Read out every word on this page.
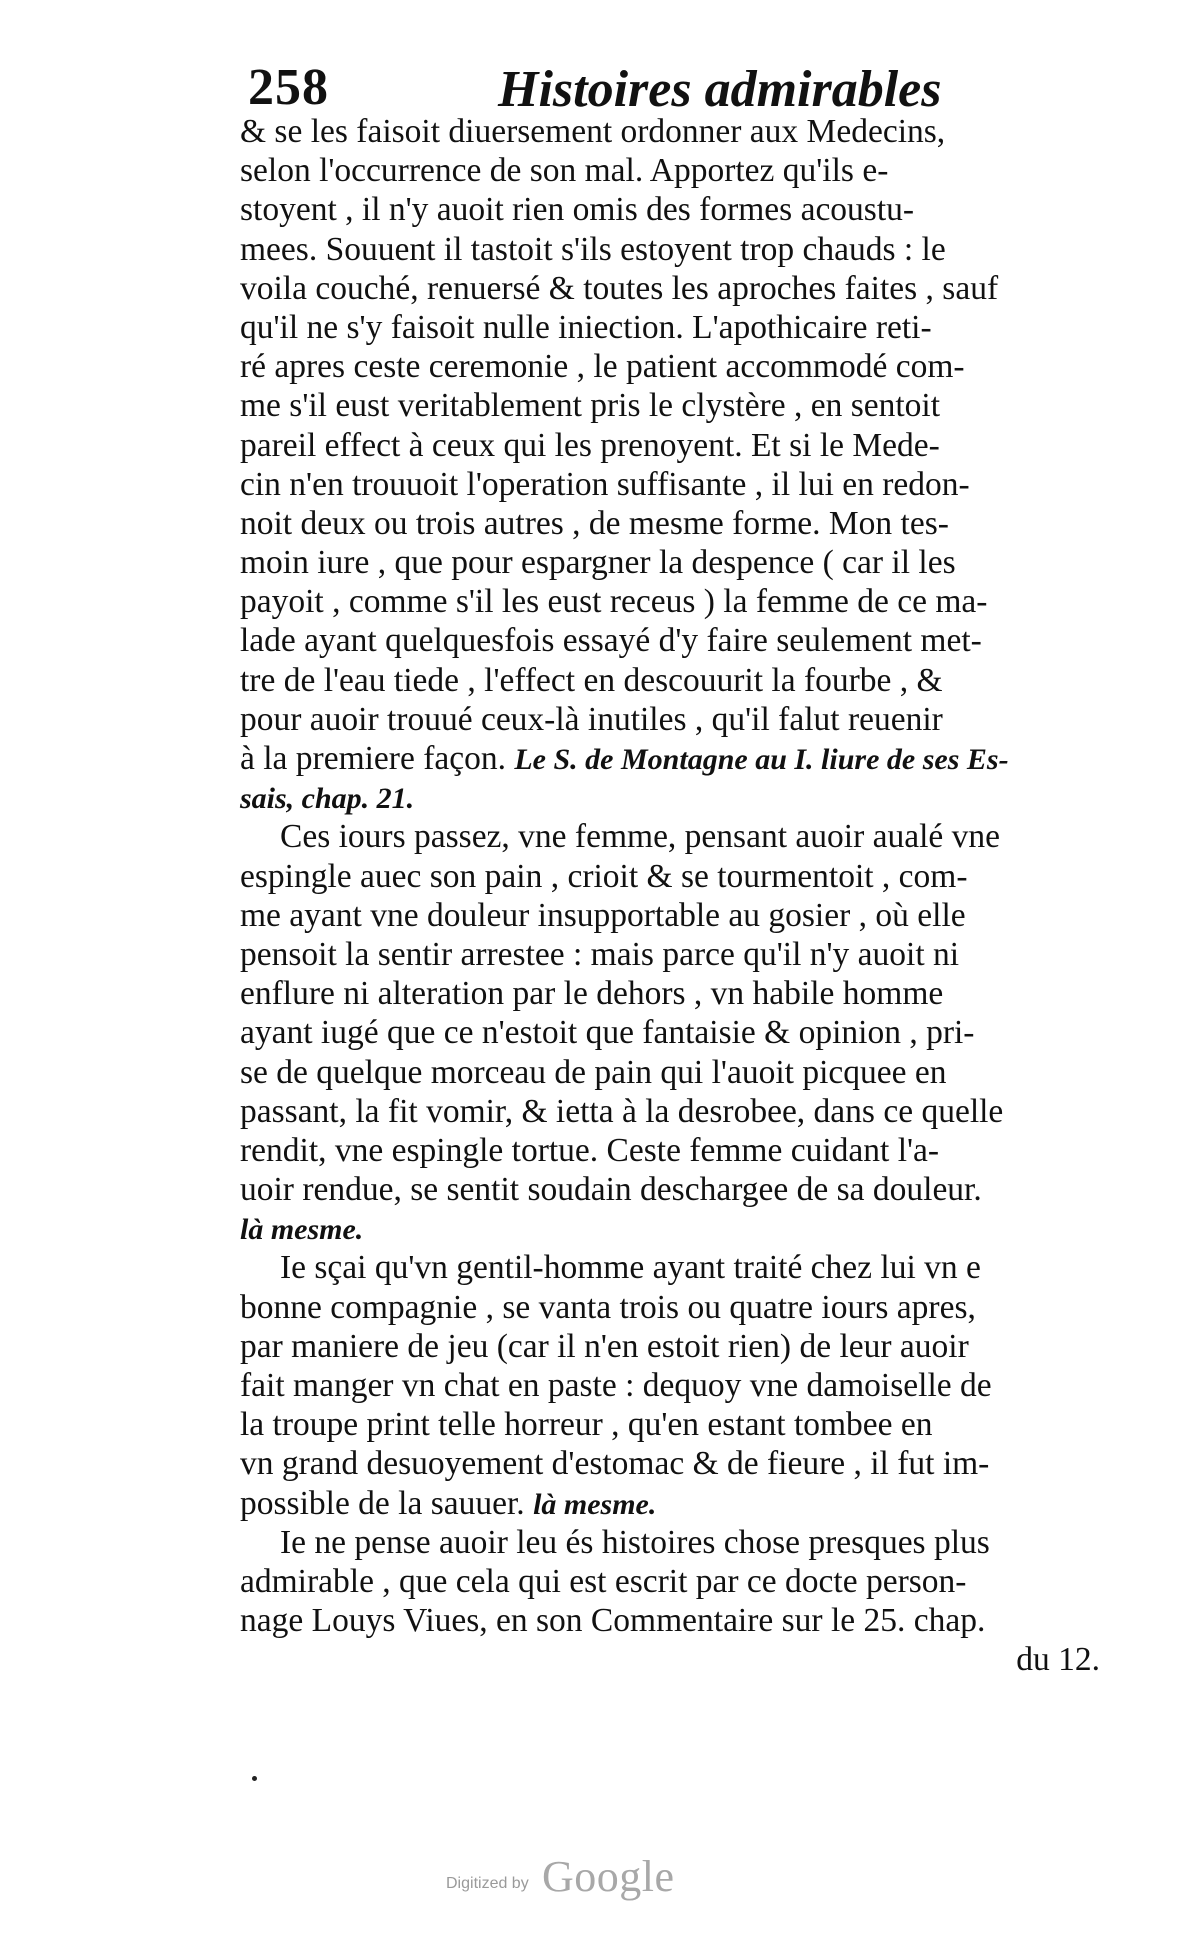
258	Histoires admirables
& se les faisoit diuersement ordonner aux Medecins,
selon l'occurrence de son mal. Apportez qu'ils e-
stoyent , il n'y auoit rien omis des formes acoustu-
mees. Souuent il tastoit s'ils estoyent trop chauds : le
voila couché, renuersé & toutes les aproches faites , sauf
qu'il ne s'y faisoit nulle iniection. L'apothicaire reti-
ré apres ceste ceremonie , le patient accommodé com-
me s'il eust veritablement pris le clystère , en sentoit
pareil effect à ceux qui les prenoyent. Et si le Mede-
cin n'en trouuoit l'operation suffisante , il lui en redon-
noit deux ou trois autres , de mesme forme. Mon tes-
moin iure , que pour espargner la despence ( car il les
payoit , comme s'il les eust receus ) la femme de ce ma-
lade ayant quelquesfois essayé d'y faire seulement met-
tre de l'eau tiede , l'effect en descouurit la fourbe , &
pour auoir trouué ceux-là inutiles , qu'il falut reuenir
à la premiere façon. Le S. de Montagne au I. liure de ses Es-
sais, chap. 21.
Ces iours passez, vne femme, pensant auoir aualé vne
espingle auec son pain , crioit & se tourmentoit , com-
me ayant vne douleur insupportable au gosier , où elle
pensoit la sentir arrestee : mais parce qu'il n'y auoit ni
enflure ni alteration par le dehors , vn habile homme
ayant iugé que ce n'estoit que fantaisie & opinion , pri-
se de quelque morceau de pain qui l'auoit picquee en
passant, la fit vomir, & ietta à la desrobee, dans ce quelle
rendit, vne espingle tortue. Ceste femme cuidant l'a-
uoir rendue, se sentit soudain deschargee de sa douleur.
là mesme.
Ie sçai qu'vn gentil-homme ayant traité chez lui vn e
bonne compagnie , se vanta trois ou quatre iours apres,
par maniere de jeu (car il n'en estoit rien) de leur auoir
fait manger vn chat en paste : dequoy vne damoiselle de
la troupe print telle horreur , qu'en estant tombee en
vn grand desuoyement d'estomac & de fieure , il fut im-
possible de la sauuer. là mesme.
Ie ne pense auoir leu és histoires chose presques plus
admirable , que cela qui est escrit par ce docte person-
nage Louys Viues, en son Commentaire sur le 25. chap.
du 12.
Digitized by Google
